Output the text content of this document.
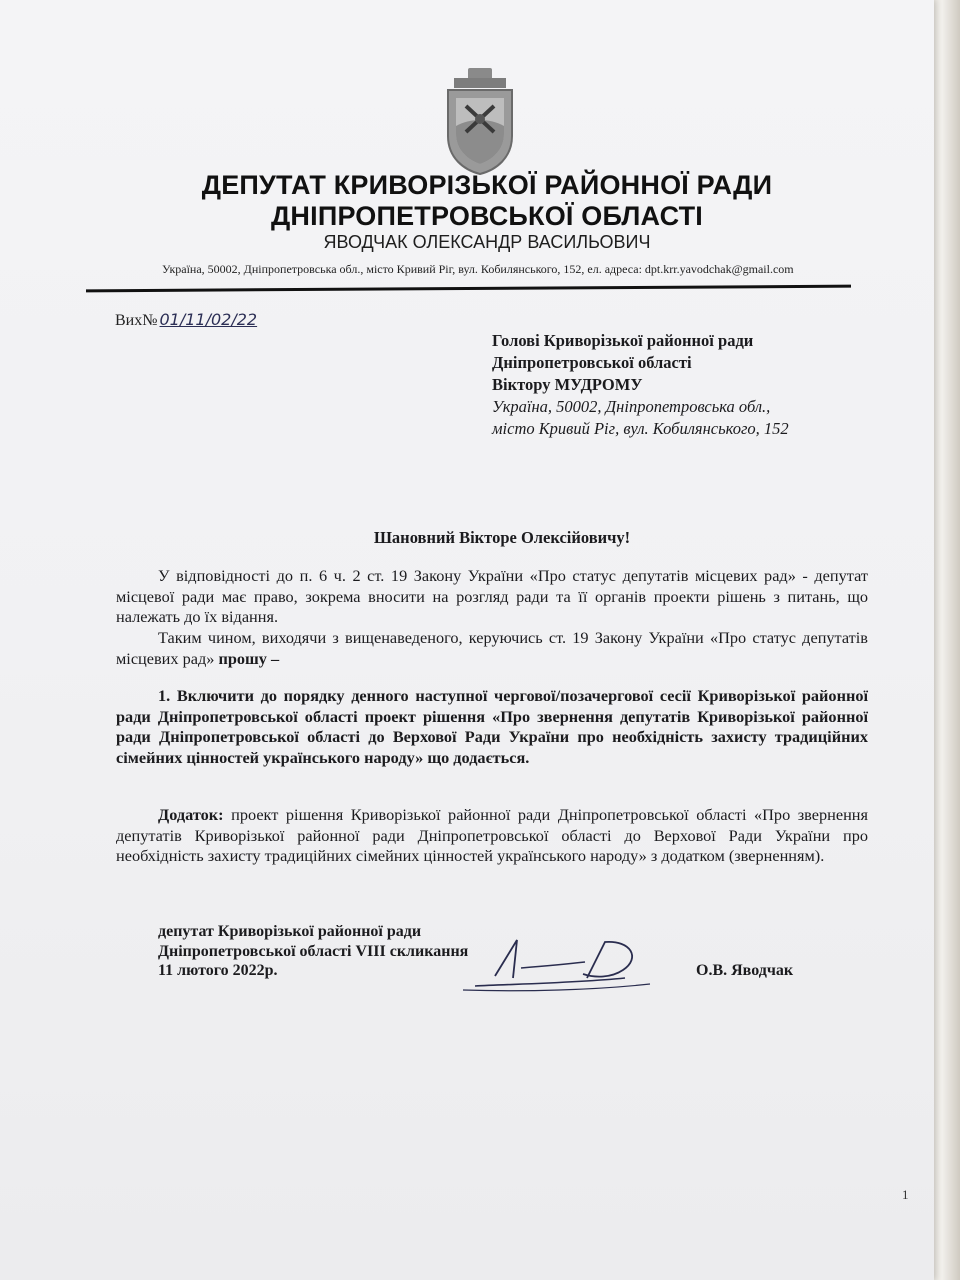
ДЕПУТАТ КРИВОРІЗЬКОЇ РАЙОННОЇ РАДИ
ДНІПРОПЕТРОВСЬКОЇ ОБЛАСТІ
ЯВОДЧАК ОЛЕКСАНДР ВАСИЛЬОВИЧ
Україна, 50002, Дніпропетровська обл., місто Кривий Ріг, вул. Кобилянського, 152, ел. адреса: dpt.krr.yavodchak@gmail.com
Вих№ 01/11/02/22
Голові Криворізької районної ради
Дніпропетровської області
Віктору МУДРОМУ
Україна, 50002, Дніпропетровська обл.,
місто Кривий Ріг, вул. Кобилянського, 152
Шановний Вікторе Олексійовичу!
У відповідності до п. 6 ч. 2 ст. 19 Закону України «Про статус депутатів місцевих рад» - депутат місцевої ради має право, зокрема вносити на розгляд ради та її органів проекти рішень з питань, що належать до їх відання.
Таким чином, виходячи з вищенаведеного, керуючись ст. 19 Закону України «Про статус депутатів місцевих рад» прошу –
1. Включити до порядку денного наступної чергової/позачергової сесії Криворізької районної ради Дніпропетровської області проект рішення «Про звернення депутатів Криворізької районної ради Дніпропетровської області до Верхової Ради України про необхідність захисту традиційних сімейних цінностей українського народу» що додається.
Додаток: проект рішення Криворізької районної ради Дніпропетровської області «Про звернення депутатів Криворізької районної ради Дніпропетровської області до Верхової Ради України про необхідність захисту традиційних сімейних цінностей українського народу» з додатком (зверненням).
депутат Криворізької районної ради
Дніпропетровської області VIII скликання
11 лютого 2022р.	О.В. Яводчак
1
